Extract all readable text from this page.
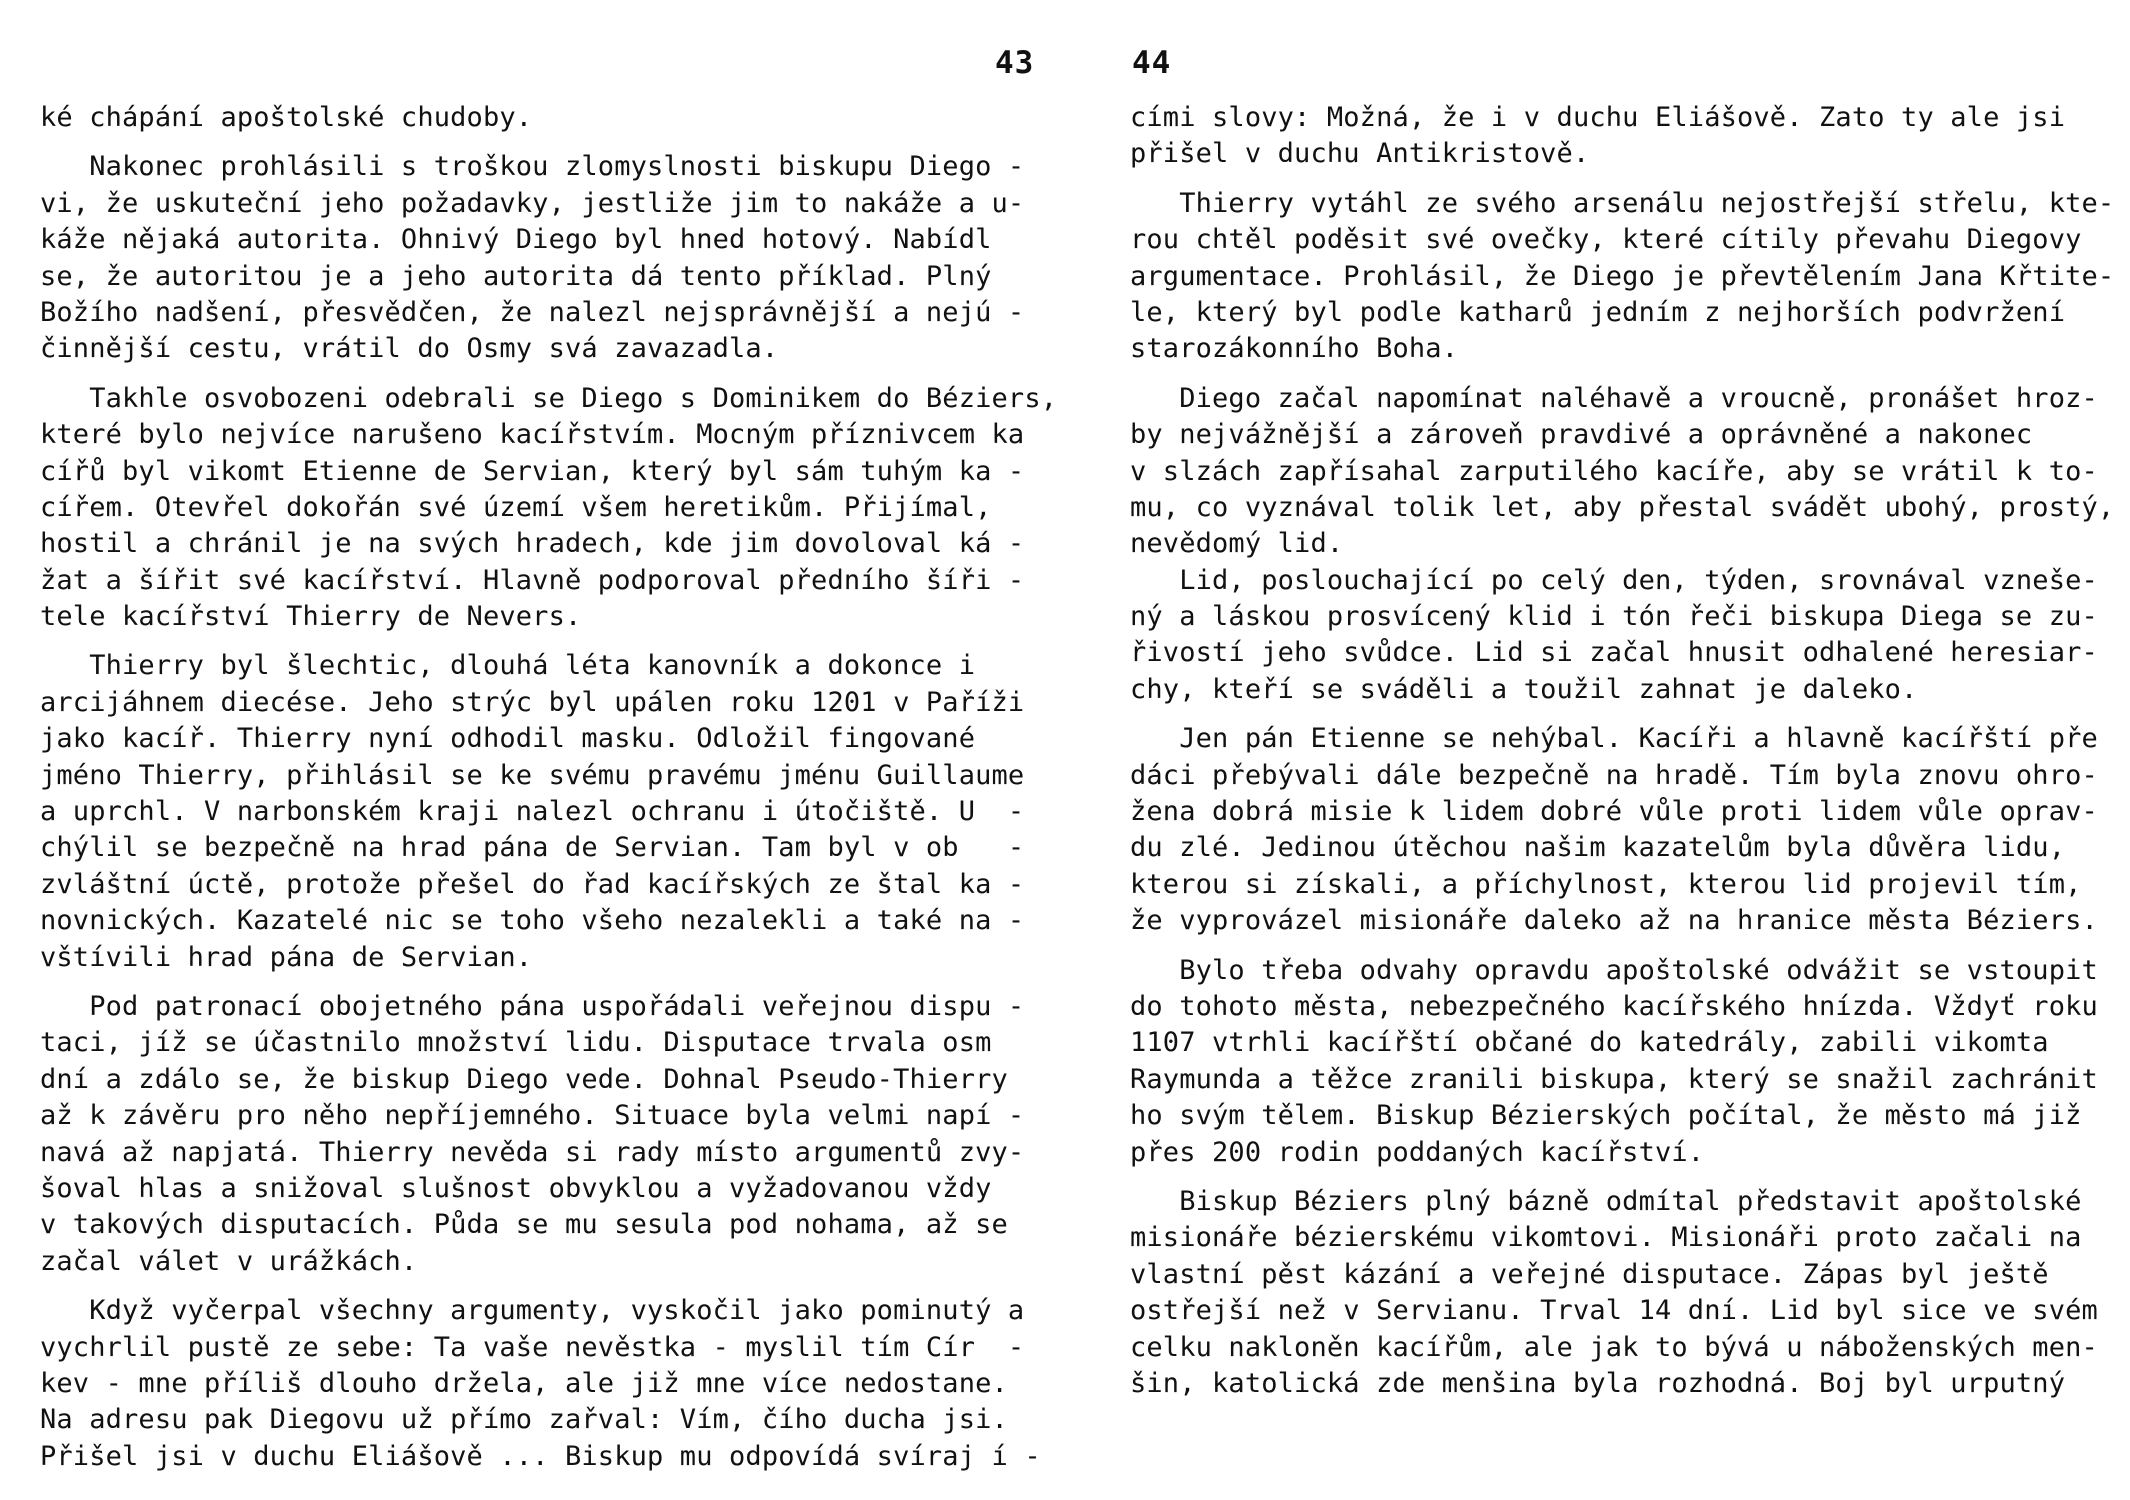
43
ké chápání apoštolské chudoby.
Nakonec prohlásili s troškou zlomyslnosti biskupu Diego -
vi, že uskuteční jeho požadavky, jestliže jim to nakáže a u-
káže nějaká autorita. Ohnivý Diego byl hned hotový. Nabídl
se, že autoritou je a jeho autorita dá tento příklad. Plný
Božího nadšení, přesvědčen, že nalezl nejsprávnější a nejú -
činnější cestu, vrátil do Osmy svá zavazadla.
Takhle osvobozeni odebrali se Diego s Dominikem do Béziers,
které bylo nejvíce narušeno kacířstvím. Mocným příznivcem ka
cířů byl vikomt Etienne de Servian, který byl sám tuhým ka -
cířem. Otevřel dokořán své území všem heretikům. Přijímal,
hostil a chránil je na svých hradech, kde jim dovoloval ká -
žat a šířit své kacířství. Hlavně podporoval předního šíři -
tele kacířství Thierry de Nevers.
Thierry byl šlechtic, dlouhá léta kanovník a dokonce i
arcijáhnem diecése. Jeho strýc byl upálen roku 1201 v Paříži
jako kacíř. Thierry nyní odhodil masku. Odložil fingované
jméno Thierry, přihlásil se ke svému pravému jménu Guillaume
a uprchl. V narbonském kraji nalezl ochranu i útočiště. U  -
chýlil se bezpečně na hrad pána de Servian. Tam byl v ob   -
zvláštní úctě, protože přešel do řad kacířských ze štal ka -
novnických. Kazatelé nic se toho všeho nezalekli a také na -
vštívili hrad pána de Servian.
Pod patronací obojetného pána uspořádali veřejnou dispu -
taci, jíž se účastnilo množství lidu. Disputace trvala osm
dní a zdálo se, že biskup Diego vede. Dohnal Pseudo-Thierry
až k závěru pro něho nepříjemného. Situace byla velmi napí -
navá až napjatá. Thierry nevěda si rady místo argumentů zvy-
šoval hlas a snižoval slušnost obvyklou a vyžadovanou vždy
v takových disputacích. Půda se mu sesula pod nohama, až se
začal válet v urážkách.
Když vyčerpal všechny argumenty, vyskočil jako pominutý a
vychrlil pustě ze sebe: Ta vaše nevěstka - myslil tím Cír  -
kev - mne příliš dlouho držela, ale již mne více nedostane.
Na adresu pak Diegovu už přímo zařval: Vím, čího ducha jsi.
Přišel jsi v duchu Eliášově ... Biskup mu odpovídá svíraj í -
44
cími slovy: Možná, že i v duchu Eliášově. Zato ty ale jsi
přišel v duchu Antikristově.
Thierry vytáhl ze svého arsenálu nejostřejší střelu, kte-
rou chtěl poděsit své ovečky, které cítily převahu Diegovy
argumentace. Prohlásil, že Diego je převtělením Jana Křtite-
le, který byl podle katharů jedním z nejhorších podvržení
starozákonního Boha.
Diego začal napomínat naléhavě a vroucně, pronášet hroz-
by nejvážnější a zároveň pravdivé a oprávněné a nakonec
v slzách zapřísahal zarputilého kacíře, aby se vrátil k to-
mu, co vyznával tolik let, aby přestal svádět ubohý, prostý,
nevědomý lid.
Lid, poslouchající po celý den, týden, srovnával vznešе-
ný a láskou prosvícený klid i tón řeči biskupa Diega se zu-
řivostí jeho svůdce. Lid si začal hnusit odhalené heresiar-
chy, kteří se sváděli a toužil zahnat je daleko.
Jen pán Etienne se nehýbal. Kacíři a hlavně kacířští pře
dáci přebývali dále bezpečně na hradě. Tím byla znovu ohro-
žena dobrá misie k lidem dobré vůle proti lidem vůle oprav-
du zlé. Jedinou útěchou našim kazatelům byla důvěra lidu,
kterou si získali, a příchylnost, kterou lid projevil tím,
že vyprovázel misionáře daleko až na hranice města Béziers.
Bylo třeba odvahy opravdu apoštolské odvážit se vstoupit
do tohoto města, nebezpečného kacířského hnízda. Vždyť roku
1107 vtrhli kacířští občané do katedrály, zabili vikomta
Raymunda a těžce zranili biskupa, který se snažil zachránit
ho svým tělem. Biskup Bézierských počítal, že město má již
přes 200 rodin poddaných kacířství.
Biskup Béziers plný bázně odmítal představit apoštolské
misionáře bézierskému vikomtovi. Misionáři proto začali na
vlastní pěst kázání a veřejné disputace. Zápas byl ještě
ostřejší než v Servianu. Trval 14 dní. Lid byl sice ve svém
celku nakloněn kacířům, ale jak to bývá u náboženských men-
šin, katolická zde menšina byla rozhodná. Boj byl urputný
